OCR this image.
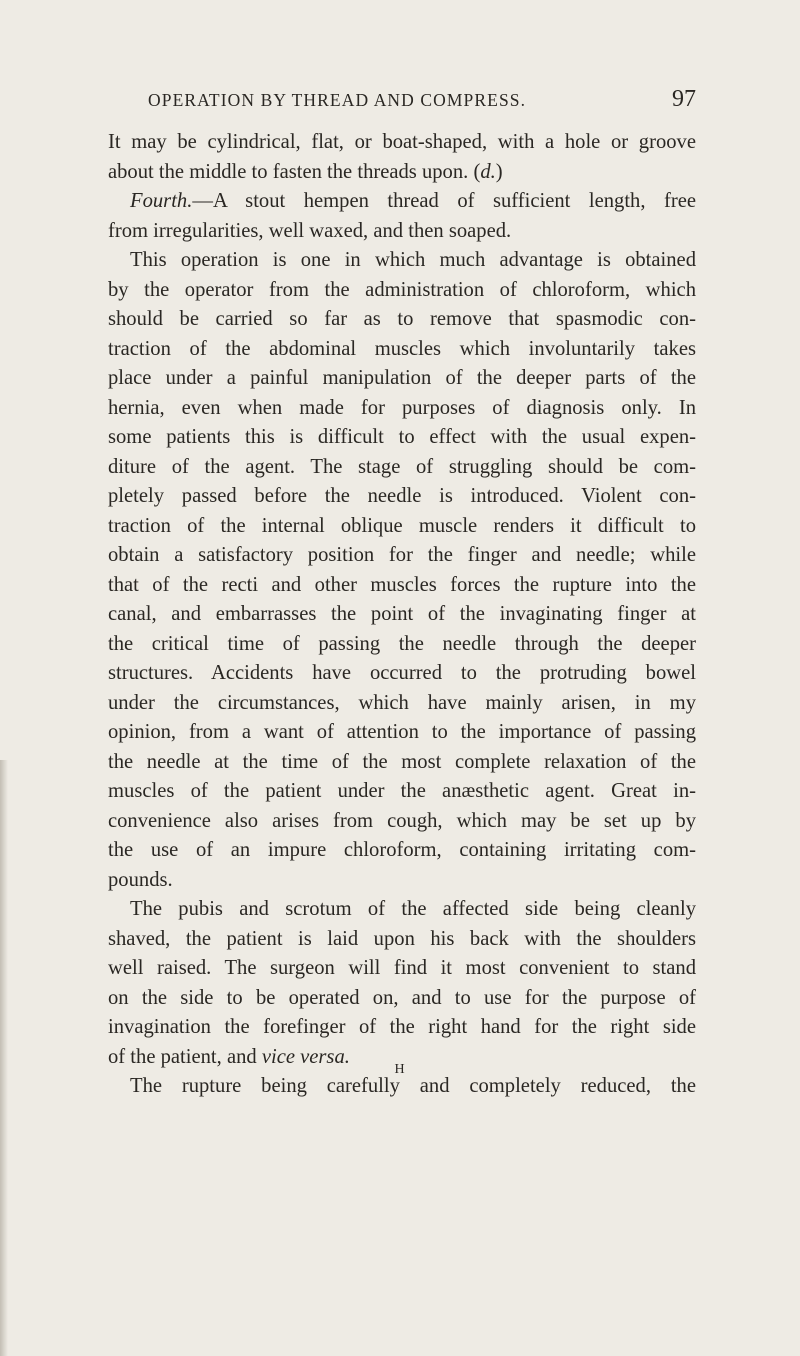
OPERATION BY THREAD AND COMPRESS.	97
It may be cylindrical, flat, or boat-shaped, with a hole or groove
about the middle to fasten the threads upon. (d.)
Fourth.—A stout hempen thread of sufficient length, free
from irregularities, well waxed, and then soaped.
This operation is one in which much advantage is obtained
by the operator from the administration of chloroform, which
should be carried so far as to remove that spasmodic con-
traction of the abdominal muscles which involuntarily takes
place under a painful manipulation of the deeper parts of the
hernia, even when made for purposes of diagnosis only. In
some patients this is difficult to effect with the usual expen-
diture of the agent. The stage of struggling should be com-
pletely passed before the needle is introduced. Violent con-
traction of the internal oblique muscle renders it difficult to
obtain a satisfactory position for the finger and needle; while
that of the recti and other muscles forces the rupture into the
canal, and embarrasses the point of the invaginating finger at
the critical time of passing the needle through the deeper
structures. Accidents have occurred to the protruding bowel
under the circumstances, which have mainly arisen, in my
opinion, from a want of attention to the importance of passing
the needle at the time of the most complete relaxation of the
muscles of the patient under the anæsthetic agent. Great in-
convenience also arises from cough, which may be set up by
the use of an impure chloroform, containing irritating com-
pounds.
The pubis and scrotum of the affected side being cleanly
shaved, the patient is laid upon his back with the shoulders
well raised. The surgeon will find it most convenient to stand
on the side to be operated on, and to use for the purpose of
invagination the forefinger of the right hand for the right side
of the patient, and vice versa.
The rupture being carefully and completely reduced, the
H
